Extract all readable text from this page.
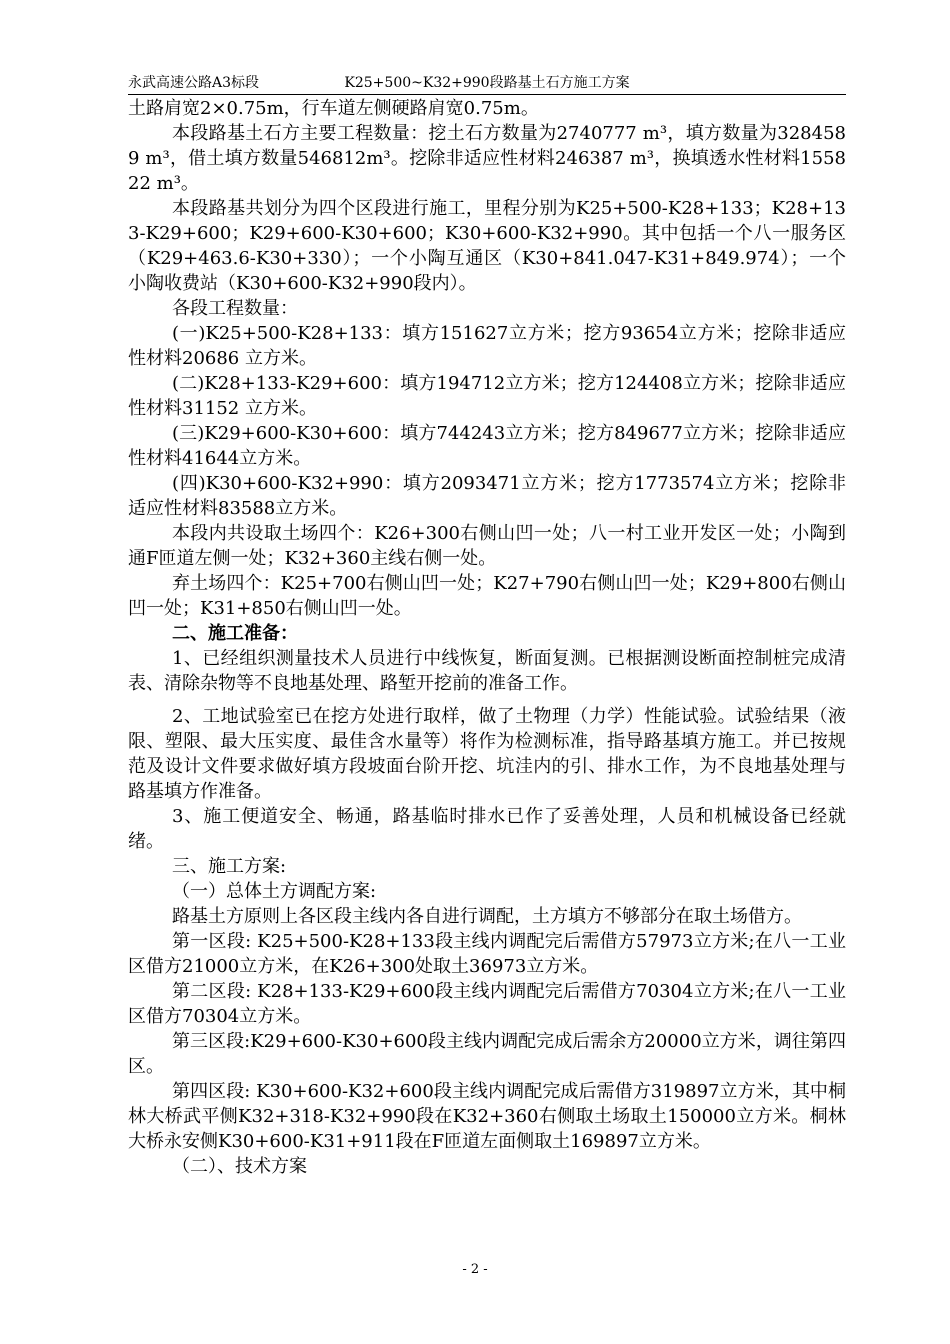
永武高速公路A3标段	K25+500~K32+990段路基土石方施工方案

土路肩宽2×0.75m，行车道左侧硬路肩宽0.75m。

本段路基土石方主要工程数量：挖土石方数量为2740777 m³，填方数量为3284589 m³，借土填方数量546812m³。挖除非适应性材料246387 m³，换填透水性材料155822 m³。

本段路基共划分为四个区段进行施工，里程分别为K25+500-K28+133；K28+133-K29+600；K29+600-K30+600；K30+600-K32+990。其中包括一个八一服务区（K29+463.6-K30+330）；一个小陶互通区（K30+841.047-K31+849.974）；一个小陶收费站（K30+600-K32+990段内）。

各段工程数量：

(一)K25+500-K28+133：填方151627立方米；挖方93654立方米；挖除非适应性材料20686 立方米。

(二)K28+133-K29+600：填方194712立方米；挖方124408立方米；挖除非适应性材料31152 立方米。

(三)K29+600-K30+600：填方744243立方米；挖方849677立方米；挖除非适应性材料41644立方米。

(四)K30+600-K32+990：填方2093471立方米；挖方1773574立方米；挖除非适应性材料83588立方米。

本段内共设取土场四个：K26+300右侧山凹一处；八一村工业开发区一处；小陶到通F匝道左侧一处；K32+360主线右侧一处。

弃土场四个：K25+700右侧山凹一处；K27+790右侧山凹一处；K29+800右侧山凹一处；K31+850右侧山凹一处。

二、施工准备：

1、已经组织测量技术人员进行中线恢复，断面复测。已根据测设断面控制桩完成清表、清除杂物等不良地基处理、路堑开挖前的准备工作。

2、工地试验室已在挖方处进行取样，做了土物理（力学）性能试验。试验结果（液限、塑限、最大压实度、最佳含水量等）将作为检测标准，指导路基填方施工。并已按规范及设计文件要求做好填方段坡面台阶开挖、坑洼内的引、排水工作，为不良地基处理与路基填方作准备。

3、施工便道安全、畅通，路基临时排水已作了妥善处理，人员和机械设备已经就绪。

三、施工方案:

（一）总体土方调配方案:

路基土方原则上各区段主线内各自进行调配，土方填方不够部分在取土场借方。

第一区段: K25+500-K28+133段主线内调配完后需借方57973立方米;在八一工业区借方21000立方米，在K26+300处取土36973立方米。

第二区段: K28+133-K29+600段主线内调配完后需借方70304立方米;在八一工业区借方70304立方米。

第三区段:K29+600-K30+600段主线内调配完成后需余方20000立方米，调往第四区。

第四区段: K30+600-K32+600段主线内调配完成后需借方319897立方米，其中桐林大桥武平侧K32+318-K32+990段在K32+360右侧取土场取土150000立方米。桐林大桥永安侧K30+600-K31+911段在F匝道左面侧取土169897立方米。

（二）、技术方案

- 2 -
